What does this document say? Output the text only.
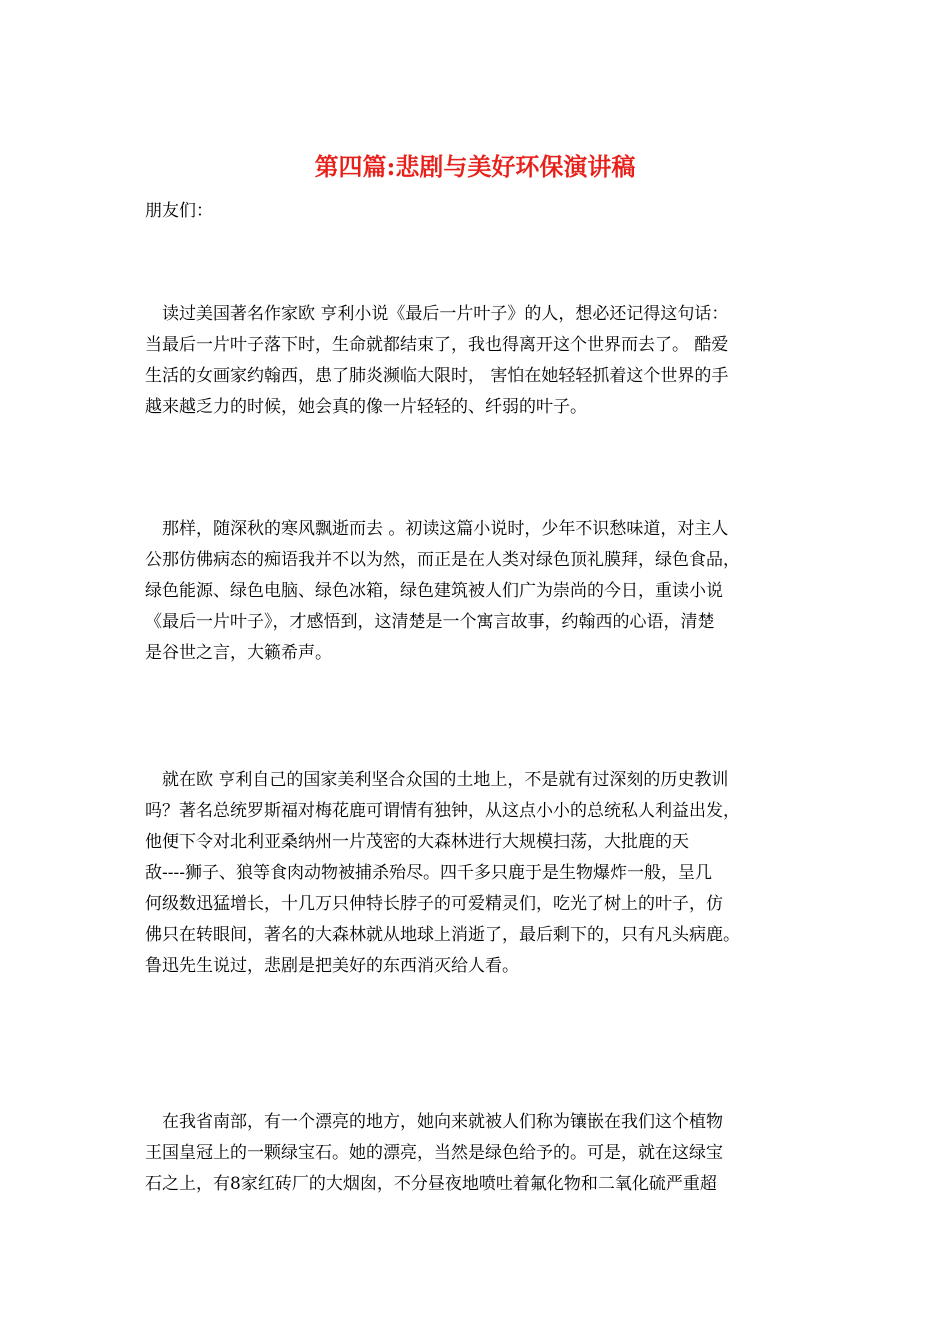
第四篇:悲剧与美好环保演讲稿

朋友们：

　读过美国著名作家欧 亨利小说《最后一片叶子》的人，想必还记得这句话：
当最后一片叶子落下时，生命就都结束了，我也得离开这个世界而去了。 酷爱
生活的女画家约翰西，患了肺炎濒临大限时， 害怕在她轻轻抓着这个世界的手
越来越乏力的时候，她会真的像一片轻轻的、纤弱的叶子。

　那样，随深秋的寒风飘逝而去 。初读这篇小说时，少年不识愁味道，对主人
公那仿佛病态的痴语我并不以为然，而正是在人类对绿色顶礼膜拜，绿色食品，
绿色能源、绿色电脑、绿色冰箱，绿色建筑被人们广为崇尚的今日，重读小说
《最后一片叶子》，才感悟到，这清楚是一个寓言故事，约翰西的心语，清楚
是谷世之言，大籁希声。

　就在欧 亨利自己的国家美利坚合众国的土地上，不是就有过深刻的历史教训
吗？著名总统罗斯福对梅花鹿可谓情有独钟，从这点小小的总统私人利益出发，
他便下令对北利亚桑纳州一片茂密的大森林进行大规模扫荡，大批鹿的天
敌----狮子、狼等食肉动物被捕杀殆尽。四千多只鹿于是生物爆炸一般，呈几
何级数迅猛增长，十几万只伸特长脖子的可爱精灵们，吃光了树上的叶子，仿
佛只在转眼间，著名的大森林就从地球上消逝了，最后剩下的，只有凡头病鹿。
鲁迅先生说过，悲剧是把美好的东西消灭给人看。

　在我省南部，有一个漂亮的地方，她向来就被人们称为镶嵌在我们这个植物
王国皇冠上的一颗绿宝石。她的漂亮，当然是绿色给予的。可是，就在这绿宝
石之上，有8家红砖厂的大烟囱，不分昼夜地喷吐着氟化物和二氧化硫严重超
